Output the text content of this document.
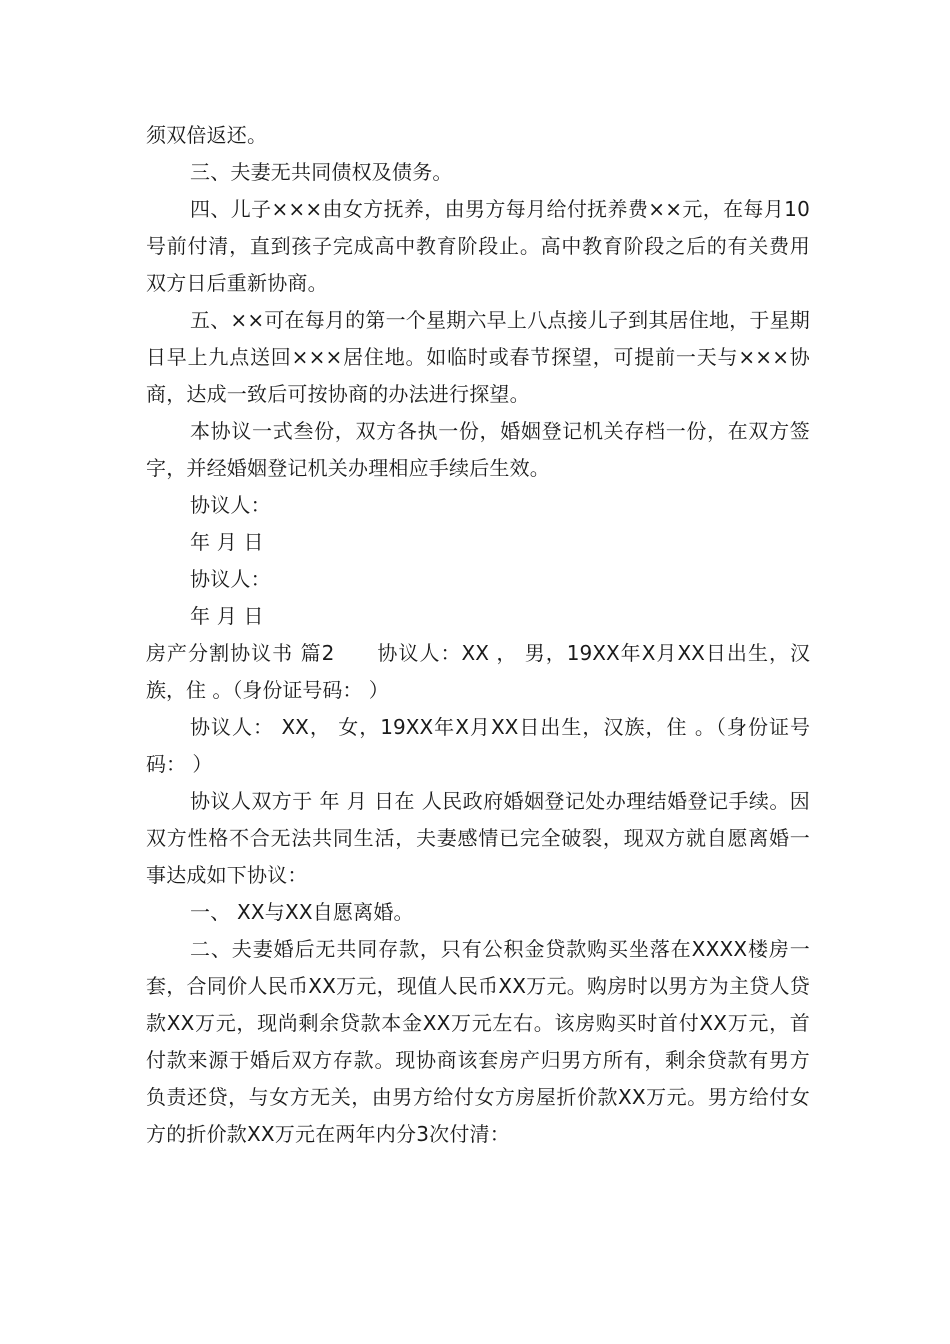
须双倍返还。

三、夫妻无共同债权及债务。

四、儿子×××由女方抚养，由男方每月给付抚养费××元，在每月10号前付清，直到孩子完成高中教育阶段止。高中教育阶段之后的有关费用双方日后重新协商。

五、××可在每月的第一个星期六早上八点接儿子到其居住地，于星期日早上九点送回×××居住地。如临时或春节探望，可提前一天与×××协商，达成一致后可按协商的办法进行探望。

本协议一式叁份，双方各执一份，婚姻登记机关存档一份，在双方签字，并经婚姻登记机关办理相应手续后生效。

协议人：

年 月 日

协议人：

年 月 日

房产分割协议书 篇2　　协议人：XX ， 男，19XX年X月XX日出生，汉族，住 。（身份证号码： ）

协议人： XX， 女，19XX年X月XX日出生，汉族，住 。（身份证号码： ）

协议人双方于 年 月 日在 人民政府婚姻登记处办理结婚登记手续。因双方性格不合无法共同生活，夫妻感情已完全破裂，现双方就自愿离婚一事达成如下协议：

一、 XX与XX自愿离婚。

二、夫妻婚后无共同存款，只有公积金贷款购买坐落在XXXX楼房一套，合同价人民币XX万元，现值人民币XX万元。购房时以男方为主贷人贷款XX万元，现尚剩余贷款本金XX万元左右。该房购买时首付XX万元，首付款来源于婚后双方存款。现协商该套房产归男方所有，剩余贷款有男方负责还贷，与女方无关，由男方给付女方房屋折价款XX万元。男方给付女方的折价款XX万元在两年内分3次付清：
